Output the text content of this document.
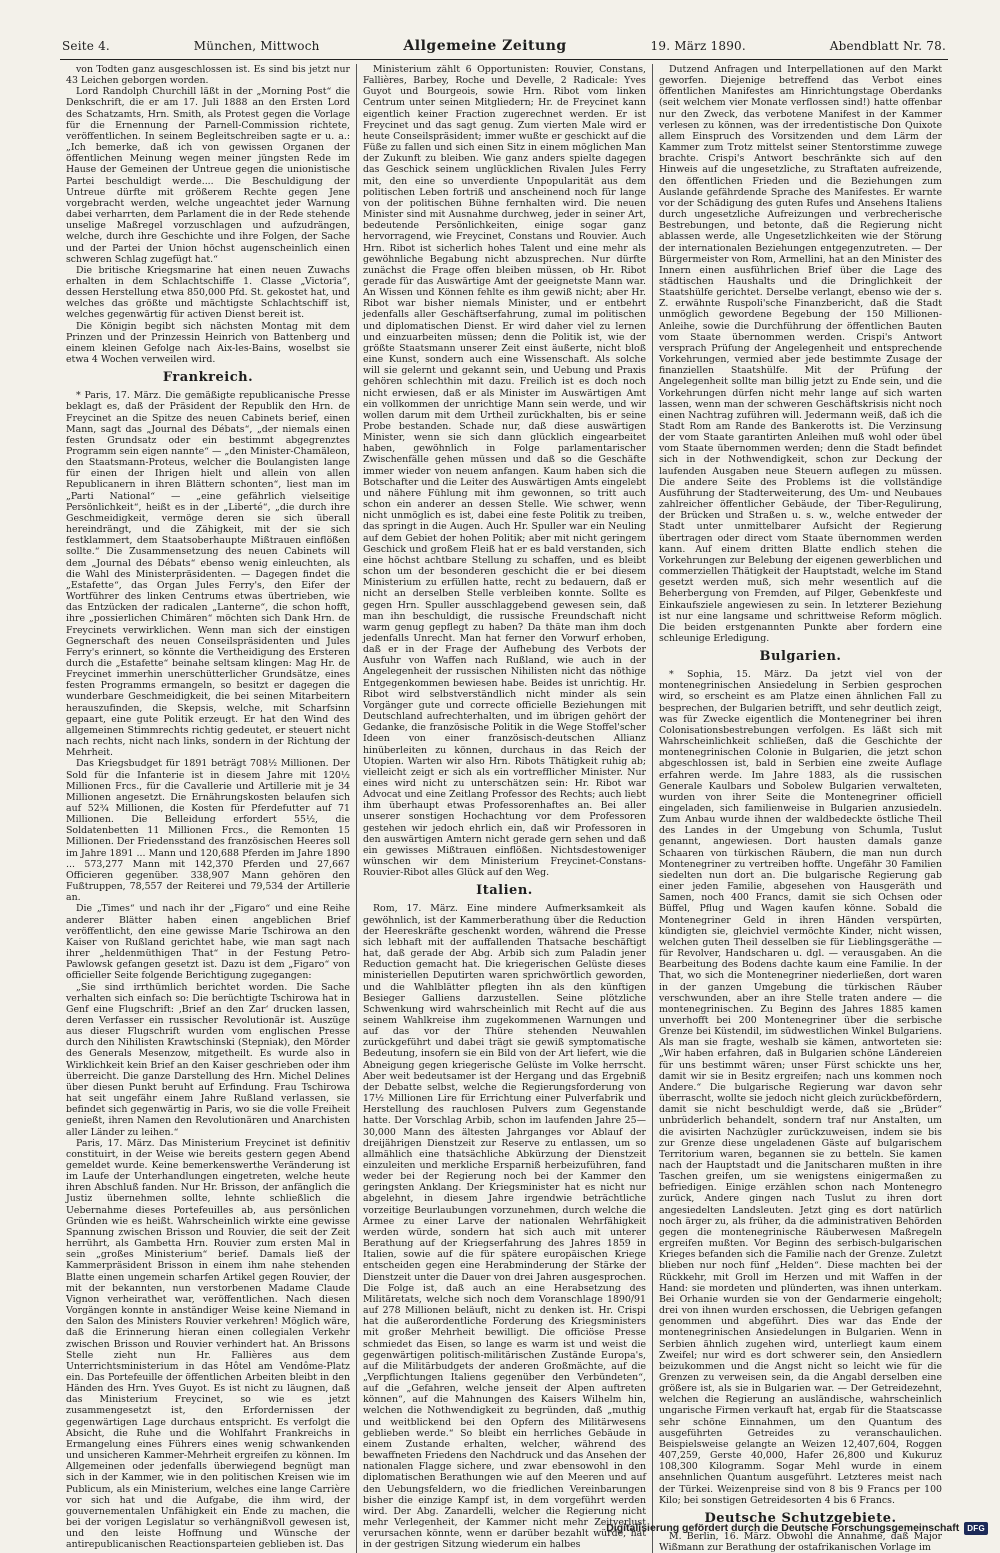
Seite 4.	München, Mittwoch	Allgemeine Zeitung	19. März 1890.	Abendblatt Nr. 78.

von Todten ganz ausgeschlossen ist. Es sind bis jetzt nur 43 Leichen geborgen worden.

Lord Randolph Churchill läßt in der „Morning Post“ die Denkschrift, die er am 17. Juli 1888 an den Ersten Lord des Schatzamts, Hrn. Smith, als Protest gegen die Vorlage für die Ernennung der Parnell-Commission richtete, veröffentlichen. In seinem Begleitschreiben sagte er u. a.: „Ich bemerke, daß ich von gewissen Organen der öffentlichen Meinung wegen meiner jüngsten Rede im Hause der Gemeinen der Untreue gegen die unionistische Partei beschuldigt werde.... Die Beschuldigung der Untreue dürfte mit größerem Rechte gegen Jene vorgebracht werden, welche ungeachtet jeder Warnung dabei verharrten, dem Parlament die in der Rede stehende unselige Maßregel vorzuschlagen und aufzudrängen, welche, durch ihre Geschichte und ihre Folgen, der Sache und der Partei der Union höchst augenscheinlich einen schweren Schlag zugefügt hat.“

Die britische Kriegsmarine hat einen neuen Zuwachs erhalten in dem Schlachtschiffe 1. Classe „Victoria“, dessen Herstellung etwa 850,000 Pfd. St. gekostet hat, und welches das größte und mächtigste Schlachtschiff ist, welches gegenwärtig für activen Dienst bereit ist.

Die Königin begibt sich nächsten Montag mit dem Prinzen und der Prinzessin Heinrich von Battenberg und einem kleinen Gefolge nach Aix-les-Bains, woselbst sie etwa 4 Wochen verweilen wird.

Frankreich.

* Paris, 17. März. Die gemäßigte republicanische Presse beklagt es, daß der Präsident der Republik den Hrn. de Freycinet an die Spitze des neuen Cabinets berief, einen Mann, sagt das „Journal des Débats“, „der niemals einen festen Grundsatz oder ein bestimmt abgegrenztes Programm sein eigen nannte“ — „den Minister-Chamäleon, den Staatsmann-Proteus, welcher die Boulangisten lange für einen der Ihrigen hielt und allein von allen Republicanern in ihren Blättern schonten“, liest man im „Parti National“ — „eine gefährlich vielseitige Persönlichkeit“, heißt es in der „Liberté“, „die durch ihre Geschmeidigkeit, vermöge deren sie sich überall hereindrängt, und die Zähigkeit, mit der sie sich festklammert, dem Staatsoberhaupte Mißtrauen einflößen sollte.“ Die Zusammensetzung des neuen Cabinets will dem „Journal des Débats“ ebenso wenig einleuchten, als die Wahl des Ministerpräsidenten. — Dagegen findet die „Estafette“, das Organ Jules Ferry's, den Eifer der Wortführer des linken Centrums etwas übertrieben, wie das Entzücken der radicalen „Lanterne“, die schon hofft, ihre „possierlichen Chimären“ möchten sich Dank Hrn. de Freycinets verwirklichen. Wenn man sich der einstigen Gegnerschaft des neuen Conseilspräsidenten und Jules Ferry's erinnert, so könnte die Vertheidigung des Ersteren durch die „Estafette“ beinahe seltsam klingen: Mag Hr. de Freycinet immerhin unerschütterlicher Grundsätze, eines festen Programms ermangeln, so besitzt er dagegen die wunderbare Geschmeidigkeit, die bei seinen Mitarbeitern herauszufinden, die Skepsis, welche, mit Scharfsinn gepaart, eine gute Politik erzeugt. Er hat den Wind des allgemeinen Stimmrechts richtig gedeutet, er steuert nicht nach rechts, nicht nach links, sondern in der Richtung der Mehrheit.

Das Kriegsbudget für 1891 beträgt 708½ Millionen. Der Sold für die Infanterie ist in diesem Jahre mit 120½ Millionen Frcs., für die Cavallerie und Artillerie mit je 34 Millionen angesetzt. Die Ernährungskosten belaufen sich auf 52¾ Millionen, die Kosten für Pferdefutter auf 71 Millionen. Die Belleidung erfordert 55½, die Soldatenbetten 11 Millionen Frcs., die Remonten 15 Millionen. Der Friedensstand des französischen Heeres soll im Jahre 1891 ... Mann und 120,688 Pferden im Jahre 1890 ... 573,277 Mann mit 142,370 Pferden und 27,667 Officieren gegenüber. 338,907 Mann gehören den Fußtruppen, 78,557 der Reiterei und 79,534 der Artillerie an.

Die „Times“ und nach ihr der „Figaro“ und eine Reihe anderer Blätter haben einen angeblichen Brief veröffentlicht, den eine gewisse Marie Tschirowa an den Kaiser von Rußland gerichtet habe, wie man sagt nach ihrer „heldenmüthigen That“ in der Festung Petro-Pawlowsk gefangen gesetzt ist. Dazu ist dem „Figaro“ von officieller Seite folgende Berichtigung zugegangen:

„Sie sind irrthümlich berichtet worden. Die Sache verhalten sich einfach so: Die berüchtigte Tschirowa hat in Genf eine Flugschrift: ‚Brief an den Zar‘ drucken lassen, deren Verfasser ein russischer Revolutionär ist. Auszüge aus dieser Flugschrift wurden vom englischen Presse durch den Nihilisten Krawtschinski (Stepniak), den Mörder des Generals Mesenzow, mitgetheilt. Es wurde also in Wirklichkeit kein Brief an den Kaiser geschrieben oder ihm überreicht. Die ganze Darstellung des Hrn. Michel Delines über diesen Punkt beruht auf Erfindung. Frau Tschirowa hat seit ungefähr einem Jahre Rußland verlassen, sie befindet sich gegenwärtig in Paris, wo sie die volle Freiheit genießt, ihren Namen den Revolutionären und Anarchisten aller Länder zu leihen.“

Paris, 17. März. Das Ministerium Freycinet ist definitiv constituirt, in der Weise wie bereits gestern gegen Abend gemeldet wurde. Keine bemerkenswerthe Veränderung ist im Laufe der Unterhandlungen eingetreten, welche heute ihren Abschluß fanden. Nur Hr. Brisson, der anfänglich die Justiz übernehmen sollte, lehnte schließlich die Uebernahme dieses Portefeuilles ab, aus persönlichen Gründen wie es heißt. Wahrscheinlich wirkte eine gewisse Spannung zwischen Brisson und Rouvier, die seit der Zeit herrührt, als Gambetta Hrn. Rouvier zum ersten Mal in sein „großes Ministerium“ berief. Damals ließ der Kammerpräsident Brisson in einem ihm nahe stehenden Blatte einen ungemein scharfen Artikel gegen Rouvier, der mit der bekannten, nun verstorbenen Madame Claude Vignon verheirathet war, veröffentlichen. Nach diesen Vorgängen konnte in anständiger Weise keine Niemand in den Salon des Ministers Rouvier verkehren! Möglich wäre, daß die Erinnerung hieran einen collegialen Verkehr zwischen Brisson und Rouvier verhindert hat. An Brissons Stelle zieht nun Hr. Fallières aus dem Unterrichtsministerium in das Hôtel am Vendôme-Platz ein. Das Portefeuille der öffentlichen Arbeiten bleibt in den Händen des Hrn. Yves Guyot. Es ist nicht zu läugnen, daß das Ministerium Freycinet, so wie es jetzt zusammengesetzt ist, den Erfordernissen der gegenwärtigen Lage durchaus entspricht. Es verfolgt die Absicht, die Ruhe und die Wohlfahrt Frankreichs in Ermangelung eines Führers eines wenig schwankenden und unsicheren Kammer-Mehrheit ergreifen zu können. Im Allgemeinen oder jedenfalls überwiegend begnügt man sich in der Kammer, wie in den politischen Kreisen wie im Publicum, als ein Ministerium, welches eine lange Carrière vor sich hat und die Aufgabe, die ihm wird, der gouvernementalen Unfähigkeit ein Ende zu machen, die bei der vorigen Legislatur so verhängnißvoll gewesen ist, und den leiste Hoffnung und Wünsche der antirepublicanischen Reactionsparteien geblieben ist. Das

Ministerium zählt 6 Opportunisten: Rouvier, Constans, Fallières, Barbey, Roche und Develle, 2 Radicale: Yves Guyot und Bourgeois, sowie Hrn. Ribot vom linken Centrum unter seinen Mitgliedern; Hr. de Freycinet kann eigentlich keiner Fraction zugerechnet werden. Er ist Freycinet und das sagt genug. Zum vierten Male wird er heute Conseilspräsident; immer wußte er geschickt auf die Füße zu fallen und sich einen Sitz in einem möglichen Man der Zukunft zu bleiben. Wie ganz anders spielte dagegen das Geschick seinem unglücklichen Rivalen Jules Ferry mit, den eine so unverdiente Unpopularität aus dem politischen Leben fortriß und anscheinend noch für lange von der politischen Bühne fernhalten wird. Die neuen Minister sind mit Ausnahme durchweg, jeder in seiner Art, bedeutende Persönlichkeiten, einige sogar ganz hervorragend, wie Freycinet, Constans und Rouvier. Auch Hrn. Ribot ist sicherlich hohes Talent und eine mehr als gewöhnliche Begabung nicht abzusprechen. Nur dürfte zunächst die Frage offen bleiben müssen, ob Hr. Ribot gerade für das Auswärtige Amt der geeignetste Mann war. An Wissen und Können fehlte es ihm gewiß nicht; aber Hr. Ribot war bisher niemals Minister, und er entbehrt jedenfalls aller Geschäftserfahrung, zumal im politischen und diplomatischen Dienst. Er wird daher viel zu lernen und einzuarbeiten müssen; denn die Politik ist, wie der größte Staatsmann unserer Zeit einst äußerte, nicht bloß eine Kunst, sondern auch eine Wissenschaft. Als solche will sie gelernt und gekannt sein, und Uebung und Praxis gehören schlechthin mit dazu. Freilich ist es doch noch nicht erwiesen, daß er als Minister im Auswärtigen Amt ein vollkommen der unrichtige Mann sein werde, und wir wollen darum mit dem Urtheil zurückhalten, bis er seine Probe bestanden. Schade nur, daß diese auswärtigen Minister, wenn sie sich dann glücklich eingearbeitet haben, gewöhnlich in Folge parlamentarischer Zwischenfälle gehen müssen und daß so die Geschäfte immer wieder von neuem anfangen. Kaum haben sich die Botschafter und die Leiter des Auswärtigen Amts eingelebt und nähere Fühlung mit ihm gewonnen, so tritt auch schon ein anderer an dessen Stelle. Wie schwer, wenn nicht unmöglich es ist, dabei eine feste Politik zu treiben, das springt in die Augen. Auch Hr. Spuller war ein Neuling auf dem Gebiet der hohen Politik; aber mit nicht geringem Geschick und großem Fleiß hat er es bald verstanden, sich eine höchst achtbare Stellung zu schaffen, und es bleibt schon um der besonderen geschicht die er bei diesem Ministerium zu erfüllen hatte, recht zu bedauern, daß er nicht an derselben Stelle verbleiben konnte. Sollte es gegen Hrn. Spuller ausschlaggebend gewesen sein, daß man ihn beschuldigt, die russische Freundschaft nicht warm genug gepflegt zu haben? Da thäte man ihm doch jedenfalls Unrecht. Man hat ferner den Vorwurf erhoben, daß er in der Frage der Aufhebung des Verbots der Ausfuhr von Waffen nach Rußland, wie auch in der Angelegenheit der russischen Nihilisten nicht das nöthige Entgegenkommen bewiesen habe. Beides ist unrichtig. Hr. Ribot wird selbstverständlich nicht minder als sein Vorgänger gute und correcte officielle Beziehungen mit Deutschland aufrechterhalten, und im übrigen gehört der Gedanke, die französische Politik in die Wege Stoffel'scher Ideen von einer französisch-deutschen Allianz hinüberleiten zu können, durchaus in das Reich der Utopien. Warten wir also Hrn. Ribots Thätigkeit ruhig ab; vielleicht zeigt er sich als ein vortrefflicher Minister. Nur eines wird nicht zu unterschätzen sein: Hr. Ribot war Advocat und eine Zeitlang Professor des Rechts; auch liebt ihm überhaupt etwas Professorenhaftes an. Bei aller unserer sonstigen Hochachtung vor dem Professoren gestehen wir jedoch ehrlich ein, daß wir Professoren in den auswärtigen Amtern nicht gerade gern sehen und daß ein gewisses Mißtrauen einflößen. Nichtsdestoweniger wünschen wir dem Ministerium Freycinet-Constans-Rouvier-Ribot alles Glück auf den Weg.

Italien.

Rom, 17. März. Eine mindere Aufmerksamkeit als gewöhnlich, ist der Kammerberathung über die Reduction der Heereskräfte geschenkt worden, während die Presse sich lebhaft mit der auffallenden Thatsache beschäftigt hat, daß gerade der Abg. Arbib sich zum Paladin jener Reduction gemacht hat. Die kriegerischen Gelüste dieses ministeriellen Deputirten waren sprichwörtlich geworden, und die Wahlblätter pflegten ihn als den künftigen Besieger Galliens darzustellen. Seine plötzliche Schwenkung wird wahrscheinlich mit Recht auf die aus seinem Wahlkreise ihm zugekommenen Warnungen und auf das vor der Thüre stehenden Neuwahlen zurückgeführt und dabei trägt sie gewiß symptomatische Bedeutung, insofern sie ein Bild von der Art liefert, wie die Abneigung gegen kriegerische Gelüste im Volke herrscht. Aber weit bedeutsamer ist der Hergang und das Ergebniß der Debatte selbst, welche die Regierungsforderung von 17½ Millionen Lire für Errichtung einer Pulverfabrik und Herstellung des rauchlosen Pulvers zum Gegenstande hatte. Der Vorschlag Arbib, schon im laufenden Jahre 25—30,000 Mann des ältesten Jahrganges vor Ablauf der dreijährigen Dienstzeit zur Reserve zu entlassen, um so allmählich eine thatsächliche Abkürzung der Dienstzeit einzuleiten und merkliche Ersparniß herbeizuführen, fand weder bei der Regierung noch bei der Kammer den geringsten Anklang. Der Kriegsminister hat es nicht nur abgelehnt, in diesem Jahre irgendwie beträchtliche vorzeitige Beurlaubungen vorzunehmen, durch welche die Armee zu einer Larve der nationalen Wehrfähigkeit werden würde, sondern hat sich auch mit unterer Berathung auf der Kriegserfahrung des Jahres 1859 in Italien, sowie auf die für spätere europäischen Kriege entscheiden gegen eine Herabminderung der Stärke der Dienstzeit unter die Dauer von drei Jahren ausgesprochen. Die Folge ist, daß auch an eine Herabsetzung des Militäretats, welche sich noch dem Voranschlage 1890/91 auf 278 Millionen beläuft, nicht zu denken ist. Hr. Crispi hat die außerordentliche Forderung des Kriegsministers mit großer Mehrheit bewilligt. Die officiöse Presse schmiedet das Eisen, so lange es warm ist und weist die gegenwärtigen politisch-militärischen Zustände Europa's, auf die Militärbudgets der anderen Großmächte, auf die „Verpflichtungen Italiens gegenüber den Verbündeten“, auf die „Gefahren, welche jenseit der Alpen auftreten können“, auf die Mahnungen des Kaisers Wilhelm hin, welchen die Nothwendigkeit zu begründen, daß „muthig und weitblickend bei den Opfern des Militärwesens geblieben werde.“ So bleibt ein herrliches Gebäude in einem Zustande erhalten, welcher, während des bewaffneten Friedens den Nachdruck und das Ansehen der nationalen Flagge sichere, und zwar ebensowohl in den diplomatischen Berathungen wie auf den Meeren und auf den Uebungsfeldern, wo die friedlichen Vereinbarungen bisher die einzige Kampf ist, in dem vorgeführt werden wird. Der Abg. Zanardelli, welcher die Regierung nicht mehr Verlegenheit, der Kammer nicht mehr Zeitverlust verursachen könnte, wenn er darüber bezahlt würde, hat in der gestrigen Sitzung wiederum ein halbes

Dutzend Anfragen und Interpellationen auf den Markt geworfen. Diejenige betreffend das Verbot eines öffentlichen Manifestes am Hinrichtungstage Oberdanks (seit welchem vier Monate verflossen sind!) hatte offenbar nur den Zweck, das verbotene Manifest in der Kammer verlesen zu können, was der irredentistische Don Quixote allem Einspruch des Vorsitzenden und dem Lärm der Kammer zum Trotz mittelst seiner Stentorstimme zuwege brachte. Crispi's Antwort beschränkte sich auf den Hinweis auf die ungesetzliche, zu Straftaten aufreizende, den öffentlichen Frieden und die Beziehungen zum Auslande gefährdende Sprache des Manifestes. Er warnte vor der Schädigung des guten Rufes und Ansehens Italiens durch ungesetzliche Aufreizungen und verbrecherische Bestrebungen, und betonte, daß die Regierung nicht ablassen werde, alle Ungesetzlichkeiten wie der Störung der internationalen Beziehungen entgegenzutreten. — Der Bürgermeister von Rom, Armellini, hat an den Minister des Innern einen ausführlichen Brief über die Lage des städtischen Haushalts und die Dringlichkeit der Staatshülfe gerichtet. Derselbe verlangt, ebenso wie der s. Z. erwähnte Ruspoli'sche Finanzbericht, daß die Stadt unmöglich gewordene Begebung der 150 Millionen-Anleihe, sowie die Durchführung der öffentlichen Bauten vom Staate übernommen werden. Crispi's Antwort versprach Prüfung der Angelegenheit und entsprechende Vorkehrungen, vermied aber jede bestimmte Zusage der finanziellen Staatshülfe. Mit der Prüfung der Angelegenheit sollte man billig jetzt zu Ende sein, und die Vorkehrungen dürfen nicht mehr lange auf sich warten lassen, wenn man der schweren Geschäftskrisis nicht noch einen Nachtrag zuführen will. Jedermann weiß, daß ich die Stadt Rom am Rande des Bankerotts ist. Die Verzinsung der vom Staate garantirten Anleihen muß wohl oder übel vom Staate übernommen werden; denn die Stadt befindet sich in der Nothwendigkeit, schon zur Deckung der laufenden Ausgaben neue Steuern auflegen zu müssen. Die andere Seite des Problems ist die vollständige Ausführung der Stadterweiterung, des Um- und Neubaues zahlreicher öffentlicher Gebäude, der Tiber-Regulirung, der Brücken und Straßen u. s. w., welche entweder der Stadt unter unmittelbarer Aufsicht der Regierung übertragen oder direct vom Staate übernommen werden kann. Auf einem dritten Blatte endlich stehen die Vorkehrungen zur Belebung der eigenen gewerblichen und commerziellen Thätigkeit der Hauptstadt, welche im Stand gesetzt werden muß, sich mehr wesentlich auf die Beherbergung von Fremden, auf Pilger, Gebenkfeste und Einkaufsziele angewiesen zu sein. In letzterer Beziehung ist nur eine langsame und schrittweise Reform möglich. Die beiden erstgenannten Punkte aber fordern eine schleunige Erledigung.

Bulgarien.

* Sophia, 15. März. Da jetzt viel von der montenegrinischen Ansiedelung in Serbien gesprochen wird, so erscheint es am Platze einen ähnlichen Fall zu besprechen, der Bulgarien betrifft, und sehr deutlich zeigt, was für Zwecke eigentlich die Montenegriner bei ihren Colonisationsbestrebungen verfolgen. Es läßt sich mit Wahrscheinlichkeit schließen, daß die Geschichte der montenegrinischen Colonie in Bulgarien, die jetzt schon abgeschlossen ist, bald in Serbien eine zweite Auflage erfahren werde. Im Jahre 1883, als die russischen Generale Kaulbars und Sobolew Bulgarien verwalteten, wurden von ihrer Seite die Montenegriner officiell eingeladen, sich familienweise in Bulgarien anzusiedeln. Zum Anbau wurde ihnen der waldbedeckte östliche Theil des Landes in der Umgebung von Schumla, Tuslut genannt, angewiesen. Dort hausten damals ganze Schaaren von türkischen Räubern, die man nun durch Montenegriner zu vertreiben hoffte. Ungefähr 30 Familien siedelten nun dort an. Die bulgarische Regierung gab einer jeden Familie, abgesehen von Hausgeräth und Samen, noch 400 Francs, damit sie sich Ochsen oder Büffel, Pflug und Wagen kaufen könne. Sobald die Montenegriner Geld in ihren Händen verspürten, kündigten sie, gleichviel vermöchte Kinder, nicht wissen, welchen guten Theil desselben sie für Lieblingsgeräthe — für Revolver, Handscharen u. dgl. — verausgaben. An die Bearbeitung des Bodens dachte kaum eine Familie. In der That, wo sich die Montenegriner niederließen, dort waren in der ganzen Umgebung die türkischen Räuber verschwunden, aber an ihre Stelle traten andere — die montenegrinischen. Zu Beginn des Jahres 1885 kamen unverhofft bei 200 Montenegriner über die serbische Grenze bei Küstendil, im südwestlichen Winkel Bulgariens. Als man sie fragte, weshalb sie kämen, antworteten sie: „Wir haben erfahren, daß in Bulgarien schöne Ländereien für uns bestimmt wären; unser Fürst schickte uns her, damit wir sie in Besitz ergreifen; nach uns kommen noch Andere.“ Die bulgarische Regierung war davon sehr überrascht, wollte sie jedoch nicht gleich zurückbefördern, damit sie nicht beschuldigt werde, daß sie „Brüder“ unbrüderlich behandelt, sondern traf nur Anstalten, um die avisirten Nachzügler zurückzuweisen, indem sie bis zur Grenze diese ungeladenen Gäste auf bulgarischem Territorium waren, begannen sie zu betteln. Sie kamen nach der Hauptstadt und die Janitscharen mußten in ihre Taschen greifen, um sie wenigstens einigermaßen zu befriedigen. Einige erzählen schon nach Montenegro zurück, Andere gingen nach Tuslut zu ihren dort angesiedelten Landsleuten. Jetzt ging es dort natürlich noch ärger zu, als früher, da die administrativen Behörden gegen die montenegrinische Räuberwesen Maßregeln ergreifen mußten. Vor Beginn des serbisch-bulgarischen Krieges befanden sich die Familie nach der Grenze. Zuletzt blieben nur noch fünf „Helden“. Diese machten bei der Rückkehr, mit Groll im Herzen und mit Waffen in der Hand: sie mordeten und plünderten, was ihnen unterkam. Bei Orhanie wurden sie von der Gendarmerie eingeholt; drei von ihnen wurden erschossen, die Uebrigen gefangen genommen und abgeführt. Dies war das Ende der montenegrinischen Ansiedelungen in Bulgarien. Wenn in Serbien ähnlich zugehen wird, unterliegt kaum einem Zweifel; nur wird es dort schwerer sein, den Ansiedlern beizukommen und die Angst nicht so leicht wie für die Grenzen zu verweisen sein, da die Angabl derselben eine größere ist, als sie in Bulgarien war. — Der Getreidezehnt, welchen die Regierung an ausländische, wahrscheinlich ungarische Firmen verkauft hat, ergab für die Staatscasse sehr schöne Einnahmen, um den Quantum des ausgeführten Getreides zu veranschaulichen. Beispielsweise gelangte an Weizen 12,407,604, Roggen 407,259, Gerste 40,000, Hafer 26,800 und Kukuruz 108,300 Kilogramm. Sogar Mehl wurde in einem ansehnlichen Quantum ausgeführt. Letzteres meist nach der Türkei. Weizenpreise sind von 8 bis 9 Francs per 100 Kilo; bei sonstigen Getreidesorten 4 bis 6 Francs.

Deutsche Schutzgebiete.

M. Berlin, 16. März. Obwohl die Annahme, daß Major Wißmann zur Berathung der ostafrikanischen Vorlage im

Digitalisierung gefördert durch die Deutsche Forschungsgemeinschaft	DFG
